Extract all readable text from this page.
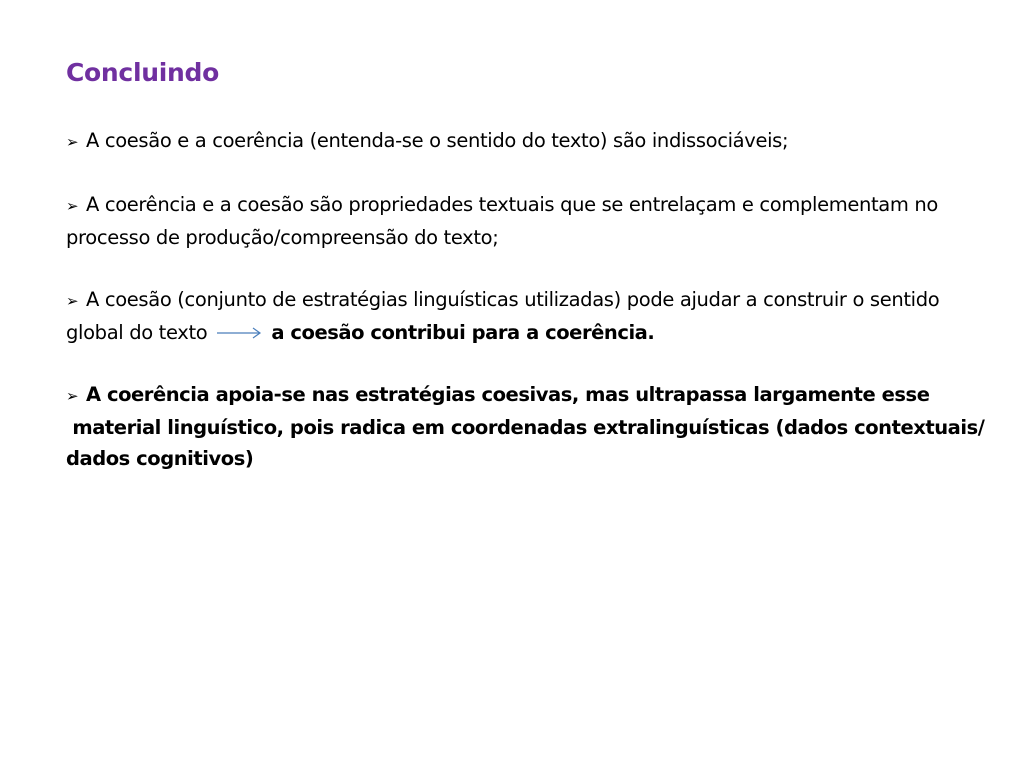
Concluindo

➢ A coesão e a coerência (entenda-se o sentido do texto) são indissociáveis;

➢ A coerência e a coesão são propriedades textuais que se entrelaçam e complementam no
processo de produção/compreensão do texto;

➢ A coesão (conjunto de estratégias linguísticas utilizadas) pode ajudar a construir o sentido
global do texto	a coesão contribui para a coerência.

➢ A coerência apoia-se nas estratégias coesivas, mas ultrapassa largamente esse
material linguístico, pois radica em coordenadas extralinguísticas (dados contextuais/
dados cognitivos)
